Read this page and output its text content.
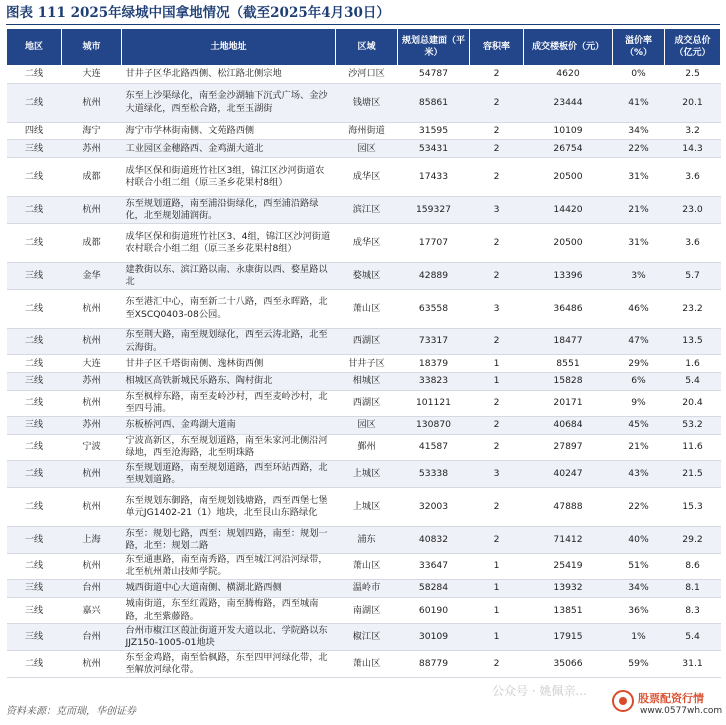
图表 111 2025年绿城中国拿地情况（截至2025年4月30日）
地区	城市	土地地址	区域	规划总建面（平米）	容积率	成交楼板价（元）	溢价率（%）	成交总价（亿元）
二线	大连	甘井子区华北路西侧、松江路北侧宗地	沙河口区	54787	2	4620	0%	2.5
二线	杭州	东至上沙渠绿化，南至金沙湖轴下沉式广场、金沙大道绿化，西至松合路，北至玉湖街	钱塘区	85861	2	23444	41%	20.1
四线	海宁	海宁市学林街南侧、文苑路西侧	海州街道	31595	2	10109	34%	3.2
三线	苏州	工业园区金穗路西、金鸡湖大道北	园区	53431	2	26754	22%	14.3
二线	成都	成华区保和街道班竹社区3组，锦江区沙河街道农村联合小组二组（原三圣乡花果村8组）	成华区	17433	2	20500	31%	3.6
二线	杭州	东至规划道路，南至浦沿街绿化，西至浦沿路绿化，北至规划浦润街。	滨江区	159327	3	14420	21%	23.0
二线	成都	成华区保和街道班竹社区3、4组，锦江区沙河街道农村联合小组二组（原三圣乡花果村8组）	成华区	17707	2	20500	31%	3.6
三线	金华	建教街以东、滨江路以南、永康街以西、婺星路以北	婺城区	42889	2	13396	3%	5.7
二线	杭州	东至港汇中心，南至新二十八路，西至永晖路，北至XSCQ0403-08公园。	萧山区	63558	3	36486	46%	23.2
二线	杭州	东至荆大路，南至规划绿化，西至云涛北路，北至云海街。	西湖区	73317	2	18477	47%	13.5
二线	大连	甘井子区千塔街南侧、逸林街西侧	甘井子区	18379	1	8551	29%	1.6
三线	苏州	相城区高铁新城民乐路东、陶村街北	相城区	33823	1	15828	6%	5.4
二线	杭州	东至枫梓东路，南至麦岭沙村，西至麦岭沙村，北至四号浦。	西湖区	101121	2	20171	9%	20.4
三线	苏州	东板桥河西、金鸡湖大道南	园区	130870	2	40684	45%	53.2
二线	宁波	宁波高新区，东至规划道路，南至朱家河北侧沿河绿地，西至沧海路，北至明珠路	鄞州	41587	2	27897	21%	11.6
二线	杭州	东至规划道路，南至规划道路，西至环站西路，北至规划道路。	上城区	53338	3	40247	43%	21.5
二线	杭州	东至规划东御路，南至规划钱塘路，西至西堡七堡单元JG1402-21（1）地块，北至艮山东路绿化	上城区	32003	2	47888	22%	15.3
一线	上海	东至：规划七路，西至：规划四路，南至：规划一路，北至：规划二路	浦东	40832	2	71412	40%	29.2
二线	杭州	东至通惠路，南至南秀路，西至城江河沿河绿带，北至杭州萧山技师学院。	萧山区	33647	1	25419	51%	8.6
三线	台州	城西街道中心大道南侧、横湖北路西侧	温岭市	58284	1	13932	34%	8.1
三线	嘉兴	城南街道，东至红霞路，南至腾梅路，西至城南路，北至紫藤路。	南湖区	60190	1	13851	36%	8.3
三线	台州	台州市椒江区葭沚街道开发大道以北、学院路以东JJZ150-1005-01地块	椒江区	30109	1	17915	1%	5.4
二线	杭州	东至金鸡路，南至恰枫路，东至四甲河绿化带，北至解放河绿化带。	萧山区	88779	2	35066	59%	31.1
资料来源：克而瑞，华创证券
公众号 · 姚佩亲...
股票配资行情
www.0577wh.com
